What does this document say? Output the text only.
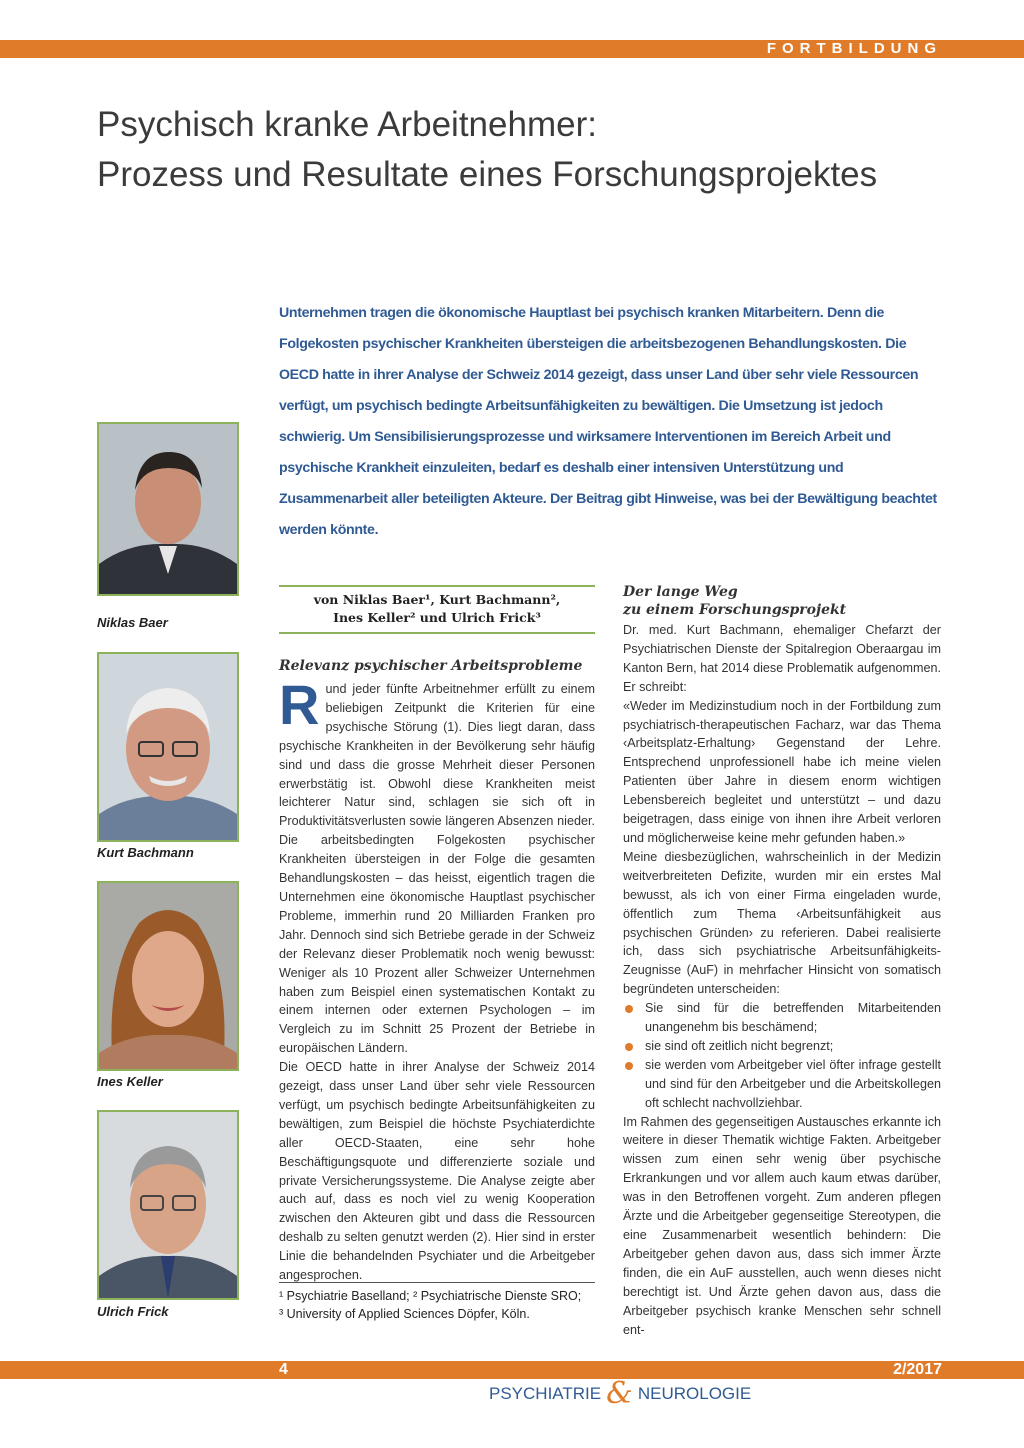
FORTBILDUNG
Psychisch kranke Arbeitnehmer:
Prozess und Resultate eines Forschungsprojektes

Unternehmen tragen die ökonomische Hauptlast bei psychisch kranken Mitarbeitern. Denn die Folgekosten psychischer Krankheiten übersteigen die arbeitsbezogenen Behandlungskosten. Die OECD hatte in ihrer Analyse der Schweiz 2014 gezeigt, dass unser Land über sehr viele Ressourcen verfügt, um psychisch bedingte Arbeitsunfähigkeiten zu bewältigen. Die Umsetzung ist jedoch schwierig. Um Sensibilisierungsprozesse und wirksamere Interventionen im Bereich Arbeit und psychische Krankheit einzuleiten, bedarf es deshalb einer intensiven Unterstützung und Zusammenarbeit aller beteiligten Akteure. Der Beitrag gibt Hinweise, was bei der Bewältigung beachtet werden könnte.

Niklas Baer
Kurt Bachmann
Ines Keller
Ulrich Frick
von Niklas Baer¹, Kurt Bachmann²,
Ines Keller² und Ulrich Frick³
Relevanz psychischer Arbeitsprobleme

Rund jeder fünfte Arbeitnehmer erfüllt zu einem beliebigen Zeitpunkt die Kriterien für eine psychische Störung (1). Dies liegt daran, dass psychische Krankheiten in der Bevölkerung sehr häufig sind und dass die grosse Mehrheit dieser Personen erwerbstätig ist. Obwohl diese Krankheiten meist leichterer Natur sind, schlagen sie sich oft in Produktivitätsverlusten sowie längeren Absenzen nieder. Die arbeitsbedingten Folgekosten psychischer Krankheiten übersteigen in der Folge die gesamten Behandlungskosten – das heisst, eigentlich tragen die Unternehmen eine ökonomische Hauptlast psychischer Probleme, immerhin rund 20 Milliarden Franken pro Jahr. Dennoch sind sich Betriebe gerade in der Schweiz der Relevanz dieser Problematik noch wenig bewusst: Weniger als 10 Prozent aller Schweizer Unternehmen haben zum Beispiel einen systematischen Kontakt zu einem internen oder externen Psychologen – im Vergleich zu im Schnitt 25 Prozent der Betriebe in europäischen Ländern.

Die OECD hatte in ihrer Analyse der Schweiz 2014 gezeigt, dass unser Land über sehr viele Ressourcen verfügt, um psychisch bedingte Arbeitsunfähigkeiten zu bewältigen, zum Beispiel die höchste Psychiaterdichte aller OECD-Staaten, eine sehr hohe Beschäftigungsquote und differenzierte soziale und private Versicherungssysteme. Die Analyse zeigte aber auch auf, dass es noch viel zu wenig Kooperation zwischen den Akteuren gibt und dass die Ressourcen deshalb zu selten genutzt werden (2). Hier sind in erster Linie die behandelnden Psychiater und die Arbeitgeber angesprochen.

¹ Psychiatrie Baselland; ² Psychiatrische Dienste SRO;
³ University of Applied Sciences Döpfer, Köln.
Der lange Weg
zu einem Forschungsprojekt

Dr. med. Kurt Bachmann, ehemaliger Chefarzt der Psychiatrischen Dienste der Spitalregion Oberaargau im Kanton Bern, hat 2014 diese Problematik aufgenommen. Er schreibt:

«Weder im Medizinstudium noch in der Fortbildung zum psychiatrisch-therapeutischen Facharz, war das Thema ‹Arbeitsplatz-Erhaltung› Gegenstand der Lehre. Entsprechend unprofessionell habe ich meine vielen Patienten über Jahre in diesem enorm wichtigen Lebensbereich begleitet und unterstützt – und dazu beigetragen, dass einige von ihnen ihre Arbeit verloren und möglicherweise keine mehr gefunden haben.»

Meine diesbezüglichen, wahrscheinlich in der Medizin weitverbreiteten Defizite, wurden mir ein erstes Mal bewusst, als ich von einer Firma eingeladen wurde, öffentlich zum Thema ‹Arbeitsunfähigkeit aus psychischen Gründen› zu referieren. Dabei realisierte ich, dass sich psychiatrische Arbeitsunfähigkeits-Zeugnisse (AuF) in mehrfacher Hinsicht von somatisch begründeten unterscheiden:

Sie sind für die betreffenden Mitarbeitenden unangenehm bis beschämend;
sie sind oft zeitlich nicht begrenzt;
sie werden vom Arbeitgeber viel öfter infrage gestellt und sind für den Arbeitgeber und die Arbeitskollegen oft schlecht nachvollziehbar.

Im Rahmen des gegenseitigen Austausches erkannte ich weitere in dieser Thematik wichtige Fakten. Arbeitgeber wissen zum einen sehr wenig über psychische Erkrankungen und vor allem auch kaum etwas darüber, was in den Betroffenen vorgeht. Zum anderen pflegen Ärzte und die Arbeitgeber gegenseitige Stereotypen, die eine Zusammenarbeit wesentlich behindern: Die Arbeitgeber gehen davon aus, dass sich immer Ärzte finden, die ein AuF ausstellen, auch wenn dieses nicht berechtigt ist. Und Ärzte gehen davon aus, dass die Arbeitgeber psychisch kranke Menschen sehr schnell ent-

4	2/2017
PSYCHIATRIE & NEUROLOGIE
